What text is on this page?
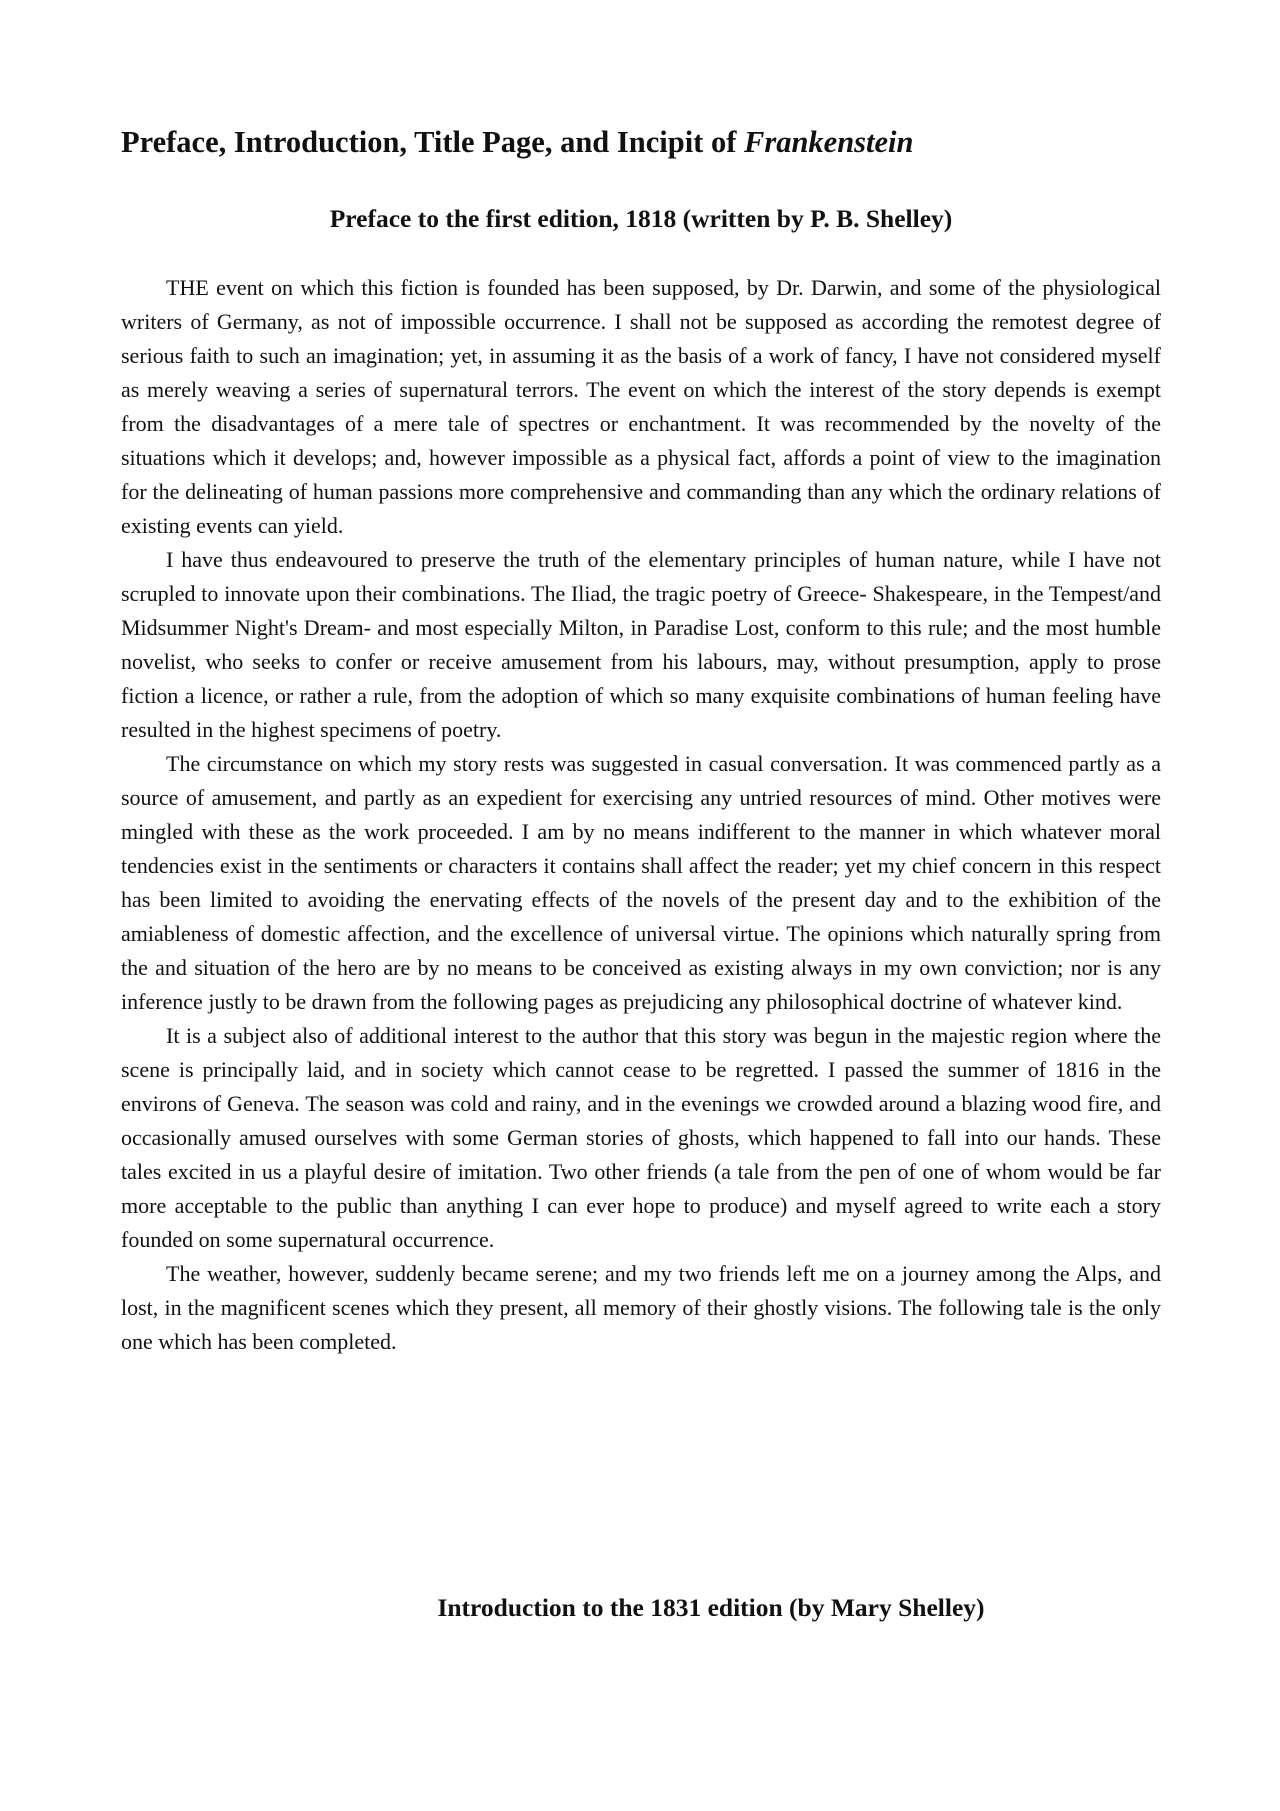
Preface, Introduction, Title Page, and Incipit of Frankenstein
Preface to the first edition, 1818 (written by P. B. Shelley)

THE event on which this fiction is founded has been supposed, by Dr. Darwin, and some of the physiological writers of Germany, as not of impossible occurrence. I shall not be supposed as according the remotest degree of serious faith to such an imagination; yet, in assuming it as the basis of a work of fancy, I have not considered myself as merely weaving a series of supernatural terrors. The event on which the interest of the story depends is exempt from the disadvantages of a mere tale of spectres or enchantment. It was recommended by the novelty of the situations which it develops; and, however impossible as a physical fact, affords a point of view to the imagination for the delineating of human passions more comprehensive and commanding than any which the ordinary relations of existing events can yield.

I have thus endeavoured to preserve the truth of the elementary principles of human nature, while I have not scrupled to innovate upon their combinations. The Iliad, the tragic poetry of Greece- Shakespeare, in the Tempest/and Midsummer Night's Dream- and most especially Milton, in Paradise Lost, conform to this rule; and the most humble novelist, who seeks to confer or receive amusement from his labours, may, without presumption, apply to prose fiction a licence, or rather a rule, from the adoption of which so many exquisite combinations of human feeling have resulted in the highest specimens of poetry.

The circumstance on which my story rests was suggested in casual conversation. It was commenced partly as a source of amusement, and partly as an expedient for exercising any untried resources of mind. Other motives were mingled with these as the work proceeded. I am by no means indifferent to the manner in which whatever moral tendencies exist in the sentiments or characters it contains shall affect the reader; yet my chief concern in this respect has been limited to avoiding the enervating effects of the novels of the present day and to the exhibition of the amiableness of domestic affection, and the excellence of universal virtue. The opinions which naturally spring from the and situation of the hero are by no means to be conceived as existing always in my own conviction; nor is any inference justly to be drawn from the following pages as prejudicing any philosophical doctrine of whatever kind.

It is a subject also of additional interest to the author that this story was begun in the majestic region where the scene is principally laid, and in society which cannot cease to be regretted. I passed the summer of 1816 in the environs of Geneva. The season was cold and rainy, and in the evenings we crowded around a blazing wood fire, and occasionally amused ourselves with some German stories of ghosts, which happened to fall into our hands. These tales excited in us a playful desire of imitation. Two other friends (a tale from the pen of one of whom would be far more acceptable to the public than anything I can ever hope to produce) and myself agreed to write each a story founded on some supernatural occurrence.

The weather, however, suddenly became serene; and my two friends left me on a journey among the Alps, and lost, in the magnificent scenes which they present, all memory of their ghostly visions. The following tale is the only one which has been completed.

Introduction to the 1831 edition (by Mary Shelley)
